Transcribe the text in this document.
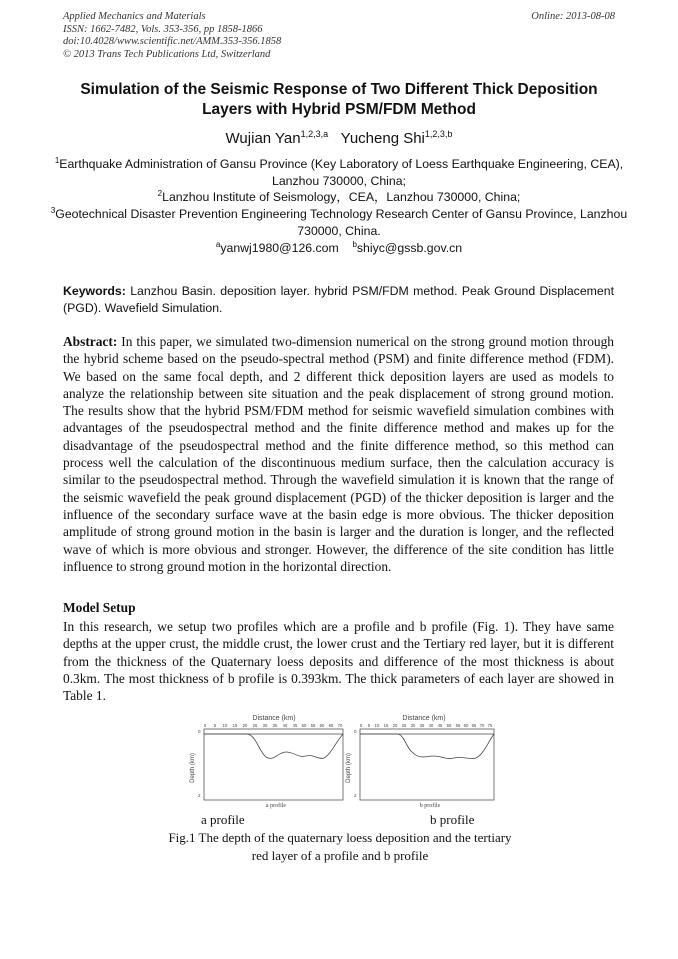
Applied Mechanics and Materials
ISSN: 1662-7482, Vols. 353-356, pp 1858-1866
doi:10.4028/www.scientific.net/AMM.353-356.1858
© 2013 Trans Tech Publications Ltd, Switzerland
Online: 2013-08-08
Simulation of the Seismic Response of Two Different Thick Deposition
Layers with Hybrid PSM/FDM Method
Wujian Yan$^{1,2,3,a}$ Yucheng Shi$^{1,2,3,b}$
$^1$Earthquake Administration of Gansu Province (Key Laboratory of Loess Earthquake Engineering, CEA), Lanzhou 730000, China;
$^2$Lanzhou Institute of Seismology，CEA，Lanzhou 730000, China;
$^3$Geotechnical Disaster Prevention Engineering Technology Research Center of Gansu Province, Lanzhou 730000, China.
$^a$yanwj1980@126.com $^b$shiyc@gssb.gov.cn
Keywords: Lanzhou Basin. deposition layer. hybrid PSM/FDM method. Peak Ground Displacement (PGD). Wavefield Simulation.
Abstract: In this paper, we simulated two-dimension numerical on the strong ground motion through the hybrid scheme based on the pseudo-spectral method (PSM) and finite difference method (FDM). We based on the same focal depth, and 2 different thick deposition layers are used as models to analyze the relationship between site situation and the peak displacement of strong ground motion. The results show that the hybrid PSM/FDM method for seismic wavefield simulation combines with advantages of the pseudospectral method and the finite difference method and makes up for the disadvantage of the pseudospectral method and the finite difference method, so this method can process well the calculation of the discontinuous medium surface, then the calculation accuracy is similar to the pseudospectral method. Through the wavefield simulation it is known that the range of the seismic wavefield the peak ground displacement (PGD) of the thicker deposition is larger and the influence of the secondary surface wave at the basin edge is more obvious. The thicker deposition amplitude of strong ground motion in the basin is larger and the duration is longer, and the reflected wave of which is more obvious and stronger. However, the difference of the site condition has little influence to strong ground motion in the horizontal direction.
Model Setup
In this research, we setup two profiles which are a profile and b profile (Fig. 1). They have same depths at the upper crust, the middle crust, the lower crust and the Tertiary red layer, but it is different from the thickness of the Quaternary loess deposits and difference of the most thickness is about 0.3km. The most thickness of b profile is 0.393km. The thick parameters of each layer are showed in Table 1.
Distance (km)
0 5 10 15 20 25 30 35 40 45 50 55 60 65 70
0
2
Depth (km)
a profile
Distance (km)
0 5 10 15 20 25 30 35 40 45 50 55 60 65 70 75
0
2
Depth (km)
b profile
a profile	b profile
Fig.1 The depth of the quaternary loess deposition and the tertiary
red layer of a profile and b profile
